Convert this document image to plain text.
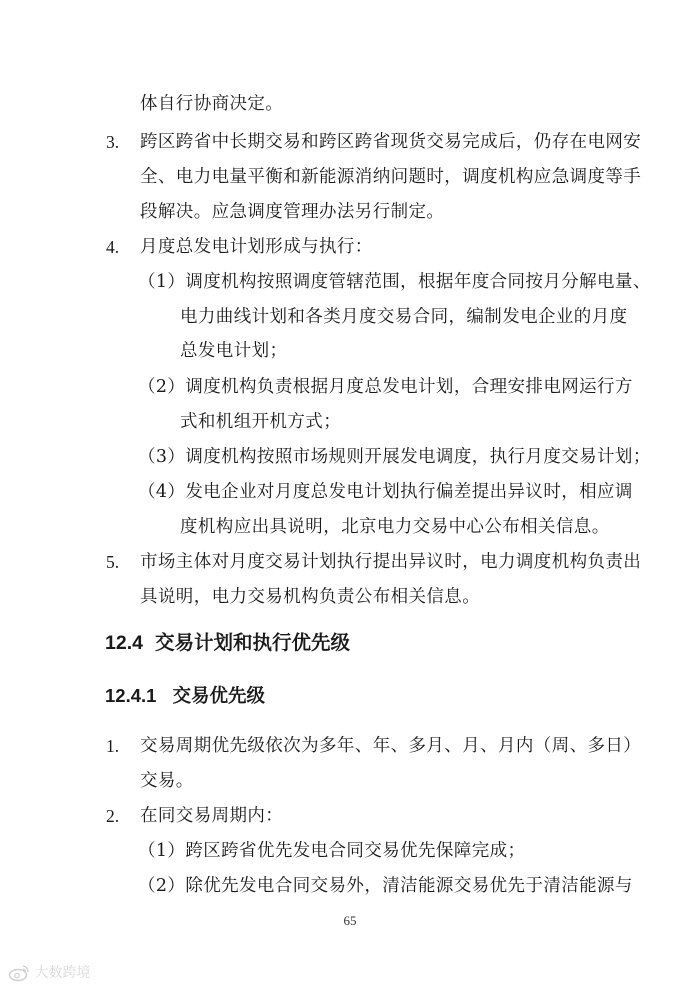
体自行协商决定。
3. 跨区跨省中长期交易和跨区跨省现货交易完成后，仍存在电网安
全、电力电量平衡和新能源消纳问题时，调度机构应急调度等手
段解决。应急调度管理办法另行制定。
4. 月度总发电计划形成与执行：
（1）调度机构按照调度管辖范围，根据年度合同按月分解电量、
电力曲线计划和各类月度交易合同，编制发电企业的月度
总发电计划；
（2）调度机构负责根据月度总发电计划，合理安排电网运行方
式和机组开机方式；
（3）调度机构按照市场规则开展发电调度，执行月度交易计划；
（4）发电企业对月度总发电计划执行偏差提出异议时，相应调
度机构应出具说明，北京电力交易中心公布相关信息。
5. 市场主体对月度交易计划执行提出异议时，电力调度机构负责出
具说明，电力交易机构负责公布相关信息。
12.4 交易计划和执行优先级
12.4.1 交易优先级
1. 交易周期优先级依次为多年、年、多月、月、月内（周、多日）
交易。
2. 在同交易周期内：
（1）跨区跨省优先发电合同交易优先保障完成；
（2）除优先发电合同交易外，清洁能源交易优先于清洁能源与
65
大数跨境
